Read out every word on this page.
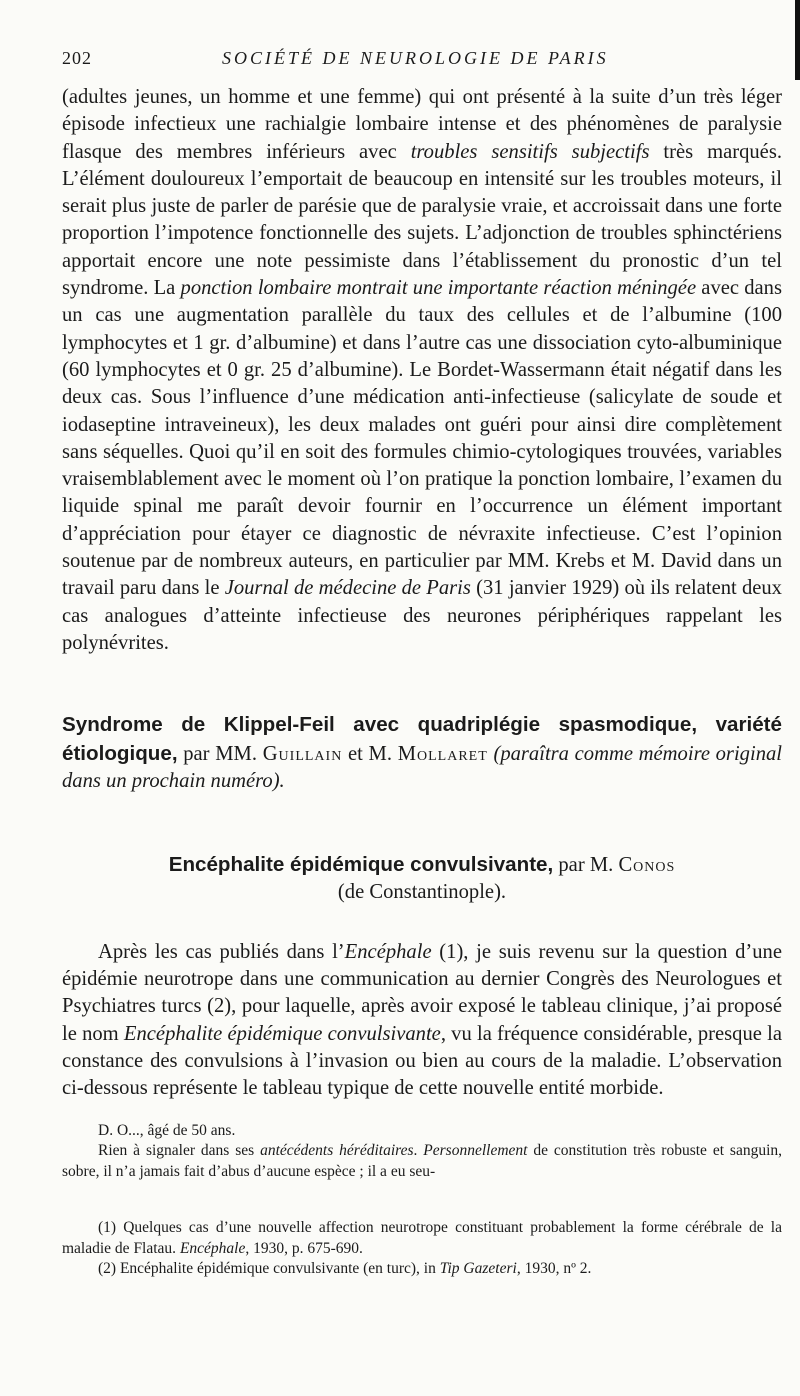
202	SOCIÉTÉ DE NEUROLOGIE DE PARIS

(adultes jeunes, un homme et une femme) qui ont présenté à la suite d’un très léger épisode infectieux une rachialgie lombaire intense et des phénomènes de paralysie flasque des membres inférieurs avec troubles sensitifs subjectifs très marqués. L’élément douloureux l’emportait de beaucoup en intensité sur les troubles moteurs, il serait plus juste de parler de parésie que de paralysie vraie, et accroissait dans une forte proportion l’impotence fonctionnelle des sujets. L’adjonction de troubles sphinctériens apportait encore une note pessimiste dans l’établissement du pronostic d’un tel syndrome. La ponction lombaire montrait une importante réaction méningée avec dans un cas une augmentation parallèle du taux des cellules et de l’albumine (100 lymphocytes et 1 gr. d’albumine) et dans l’autre cas une dissociation cyto-albuminique (60 lymphocytes et 0 gr. 25 d’albumine). Le Bordet-Wassermann était négatif dans les deux cas. Sous l’influence d’une médication anti-infectieuse (salicylate de soude et iodaseptine intraveineux), les deux malades ont guéri pour ainsi dire complètement sans séquelles. Quoi qu’il en soit des formules chimio-cytologiques trouvées, variables vraisemblablement avec le moment où l’on pratique la ponction lombaire, l’examen du liquide spinal me paraît devoir fournir en l’occurrence un élément important d’appréciation pour étayer ce diagnostic de névraxite infectieuse. C’est l’opinion soutenue par de nombreux auteurs, en particulier par MM. Krebs et M. David dans un travail paru dans le Journal de médecine de Paris (31 janvier 1929) où ils relatent deux cas analogues d’atteinte infectieuse des neurones périphériques rappelant les polynévrites.

Syndrome de Klippel-Feil avec quadriplégie spasmodique, variété étiologique, par MM. Guillain et M. Mollaret (paraîtra comme mémoire original dans un prochain numéro).

Encéphalite épidémique convulsivante, par M. Conos

(de Constantinople).

Après les cas publiés dans l’Encéphale (1), je suis revenu sur la question d’une épidémie neurotrope dans une communication au dernier Congrès des Neurologues et Psychiatres turcs (2), pour laquelle, après avoir exposé le tableau clinique, j’ai proposé le nom Encéphalite épidémique convulsivante, vu la fréquence considérable, presque la constance des convulsions à l’invasion ou bien au cours de la maladie. L’observation ci-dessous représente le tableau typique de cette nouvelle entité morbide.

D. O..., âgé de 50 ans.

Rien à signaler dans ses antécédents héréditaires. Personnellement de constitution très robuste et sanguin, sobre, il n’a jamais fait d’abus d’aucune espèce ; il a eu seu-

(1) Quelques cas d’une nouvelle affection neurotrope constituant probablement la forme cérébrale de la maladie de Flatau. Encéphale, 1930, p. 675-690.

(2) Encéphalite épidémique convulsivante (en turc), in Tip Gazeteri, 1930, nº 2.
